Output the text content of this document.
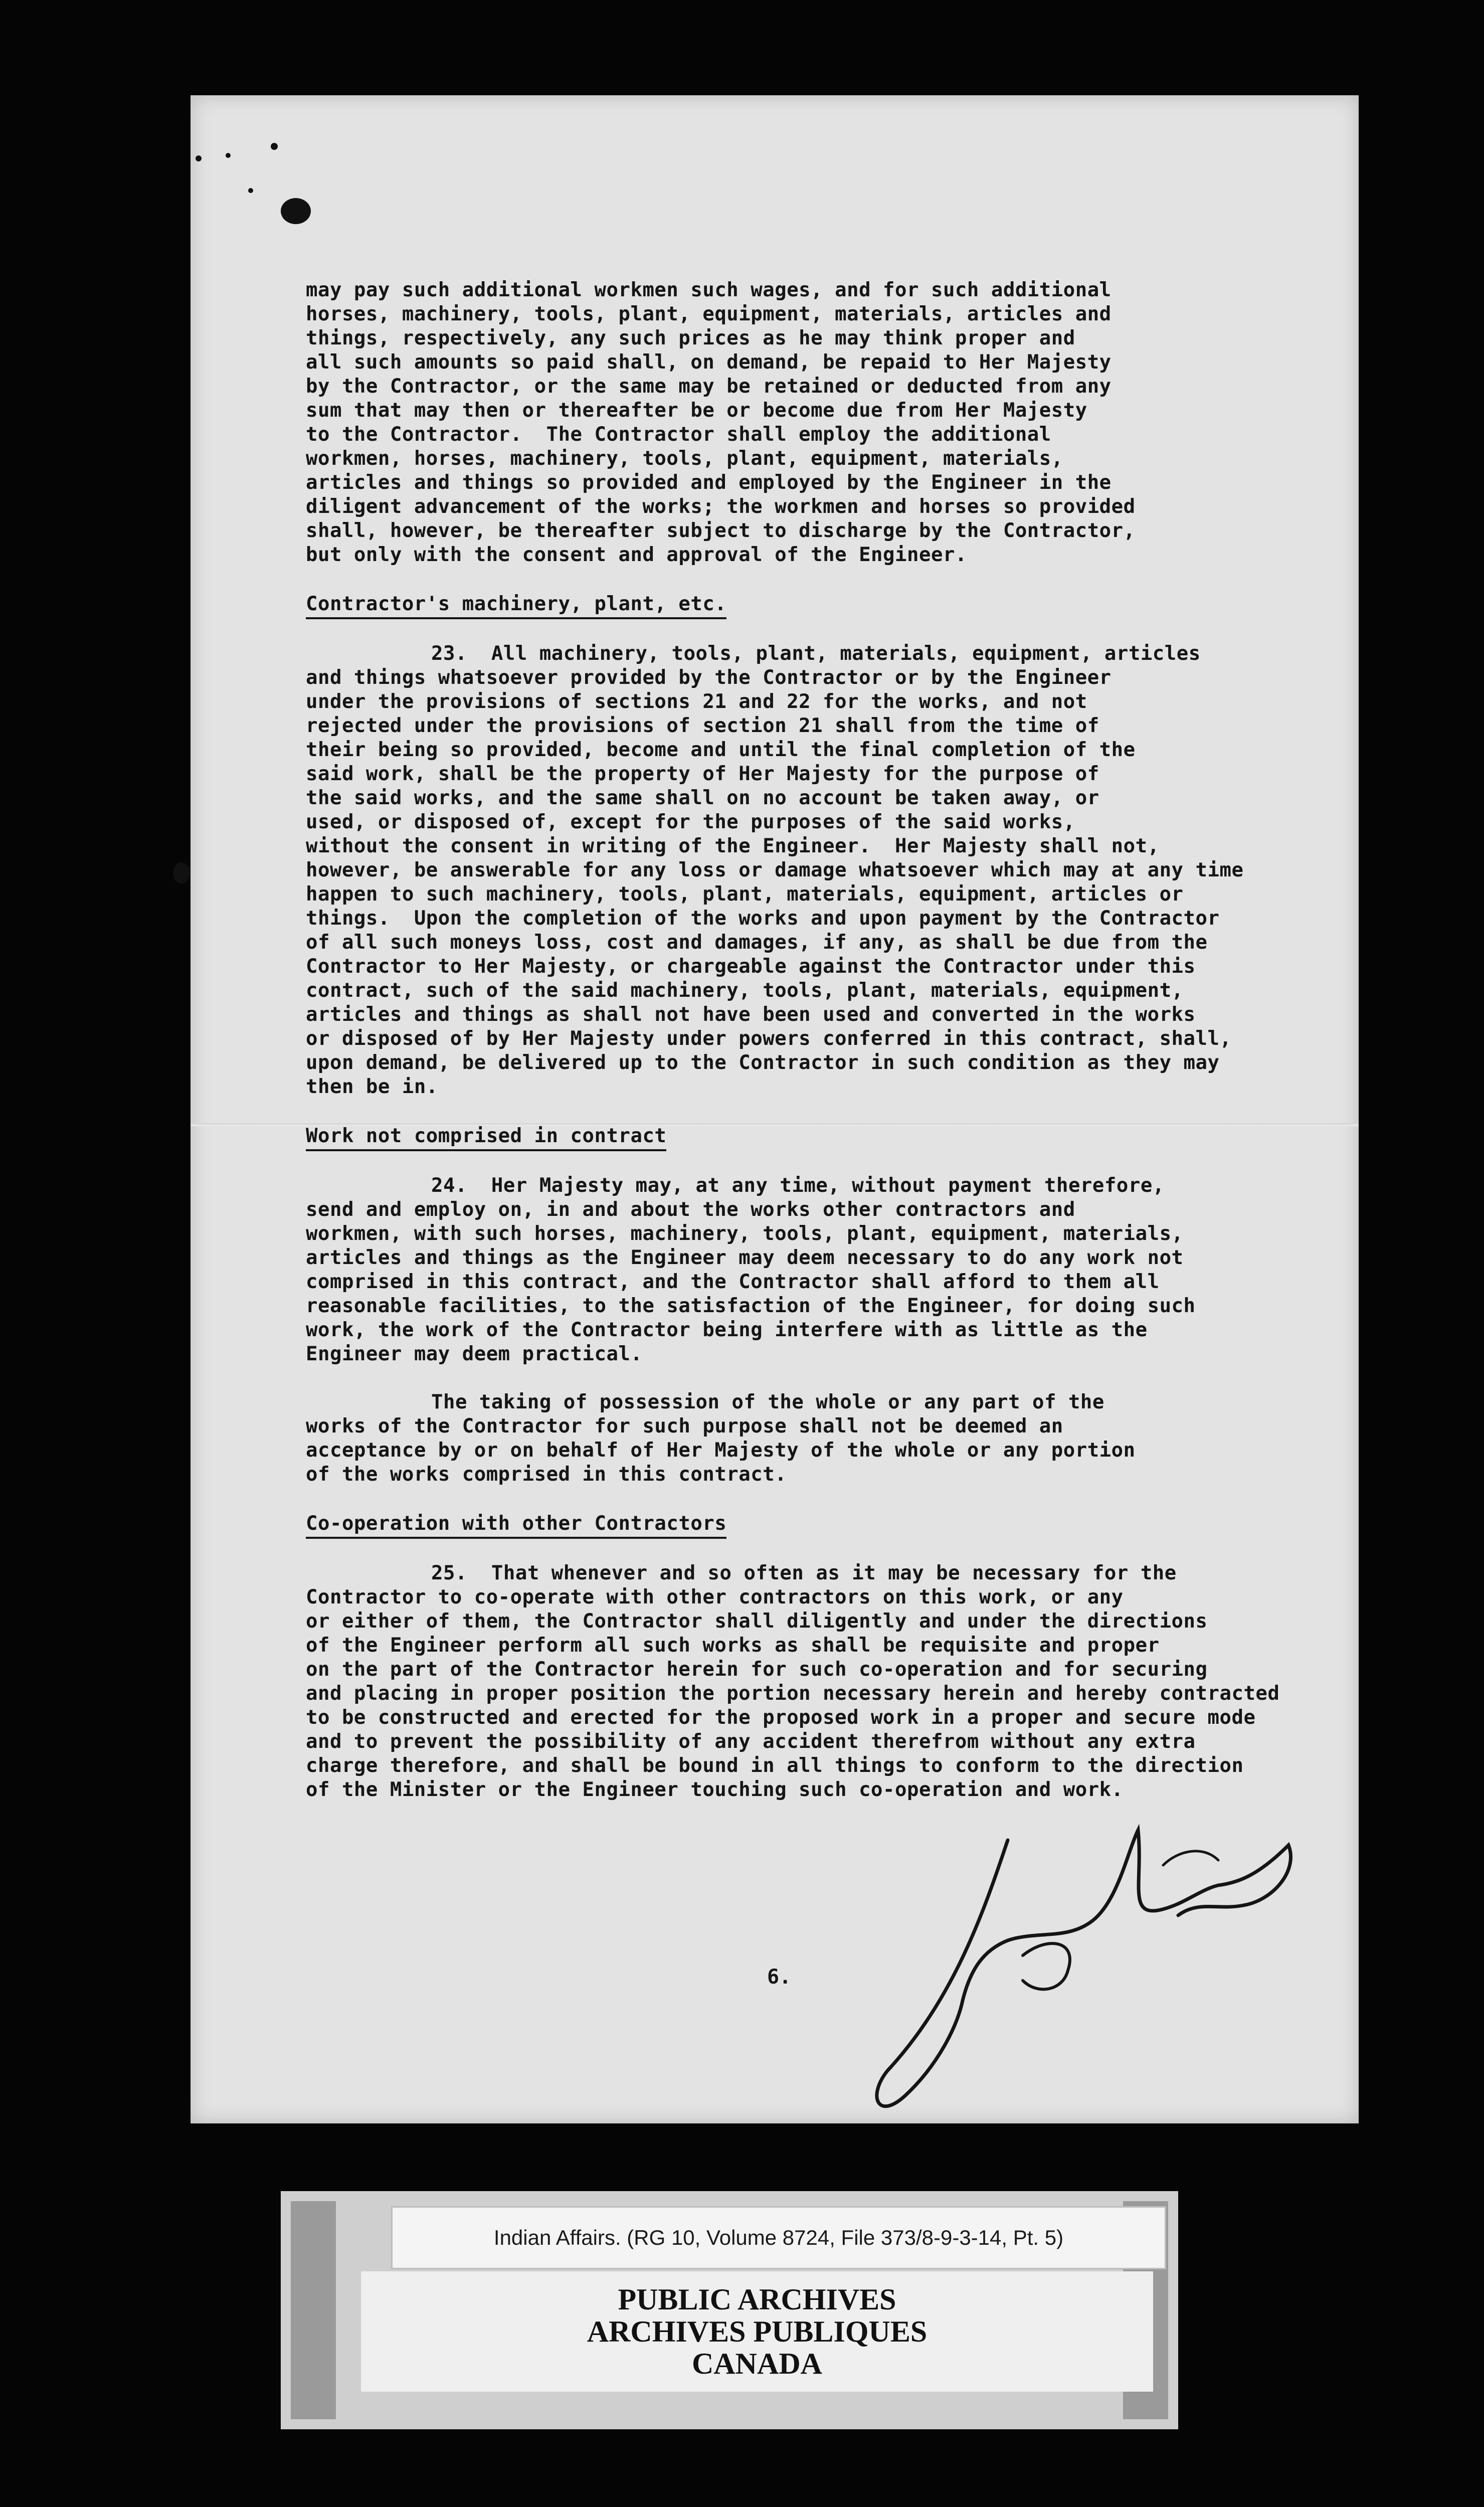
may pay such additional workmen such wages, and for such additional
horses, machinery, tools, plant, equipment, materials, articles and
things, respectively, any such prices as he may think proper and
all such amounts so paid shall, on demand, be repaid to Her Majesty
by the Contractor, or the same may be retained or deducted from any
sum that may then or thereafter be or become due from Her Majesty
to the Contractor.  The Contractor shall employ the additional
workmen, horses, machinery, tools, plant, equipment, materials,
articles and things so provided and employed by the Engineer in the
diligent advancement of the works; the workmen and horses so provided
shall, however, be thereafter subject to discharge by the Contractor,
but only with the consent and approval of the Engineer.

Contractor's machinery, plant, etc.

23.  All machinery, tools, plant, materials, equipment, articles
and things whatsoever provided by the Contractor or by the Engineer
under the provisions of sections 21 and 22 for the works, and not
rejected under the provisions of section 21 shall from the time of
their being so provided, become and until the final completion of the
said work, shall be the property of Her Majesty for the purpose of
the said works, and the same shall on no account be taken away, or
used, or disposed of, except for the purposes of the said works,
without the consent in writing of the Engineer.  Her Majesty shall not,
however, be answerable for any loss or damage whatsoever which may at any time
happen to such machinery, tools, plant, materials, equipment, articles or
things.  Upon the completion of the works and upon payment by the Contractor
of all such moneys loss, cost and damages, if any, as shall be due from the
Contractor to Her Majesty, or chargeable against the Contractor under this
contract, such of the said machinery, tools, plant, materials, equipment,
articles and things as shall not have been used and converted in the works
or disposed of by Her Majesty under powers conferred in this contract, shall,
upon demand, be delivered up to the Contractor in such condition as they may
then be in.

Work not comprised in contract

24.  Her Majesty may, at any time, without payment therefore,
send and employ on, in and about the works other contractors and
workmen, with such horses, machinery, tools, plant, equipment, materials,
articles and things as the Engineer may deem necessary to do any work not
comprised in this contract, and the Contractor shall afford to them all
reasonable facilities, to the satisfaction of the Engineer, for doing such
work, the work of the Contractor being interfere with as little as the
Engineer may deem practical.

The taking of possession of the whole or any part of the
works of the Contractor for such purpose shall not be deemed an
acceptance by or on behalf of Her Majesty of the whole or any portion
of the works comprised in this contract.

Co-operation with other Contractors

25.  That whenever and so often as it may be necessary for the
Contractor to co-operate with other contractors on this work, or any
or either of them, the Contractor shall diligently and under the directions
of the Engineer perform all such works as shall be requisite and proper
on the part of the Contractor herein for such co-operation and for securing
and placing in proper position the portion necessary herein and hereby contracted
to be constructed and erected for the proposed work in a proper and secure mode
and to prevent the possibility of any accident therefrom without any extra
charge therefore, and shall be bound in all things to conform to the direction
of the Minister or the Engineer touching such co-operation and work.

6.
Indian Affairs. (RG 10, Volume 8724, File 373/8-9-3-14, Pt. 5)
PUBLIC ARCHIVES
ARCHIVES PUBLIQUES
CANADA
